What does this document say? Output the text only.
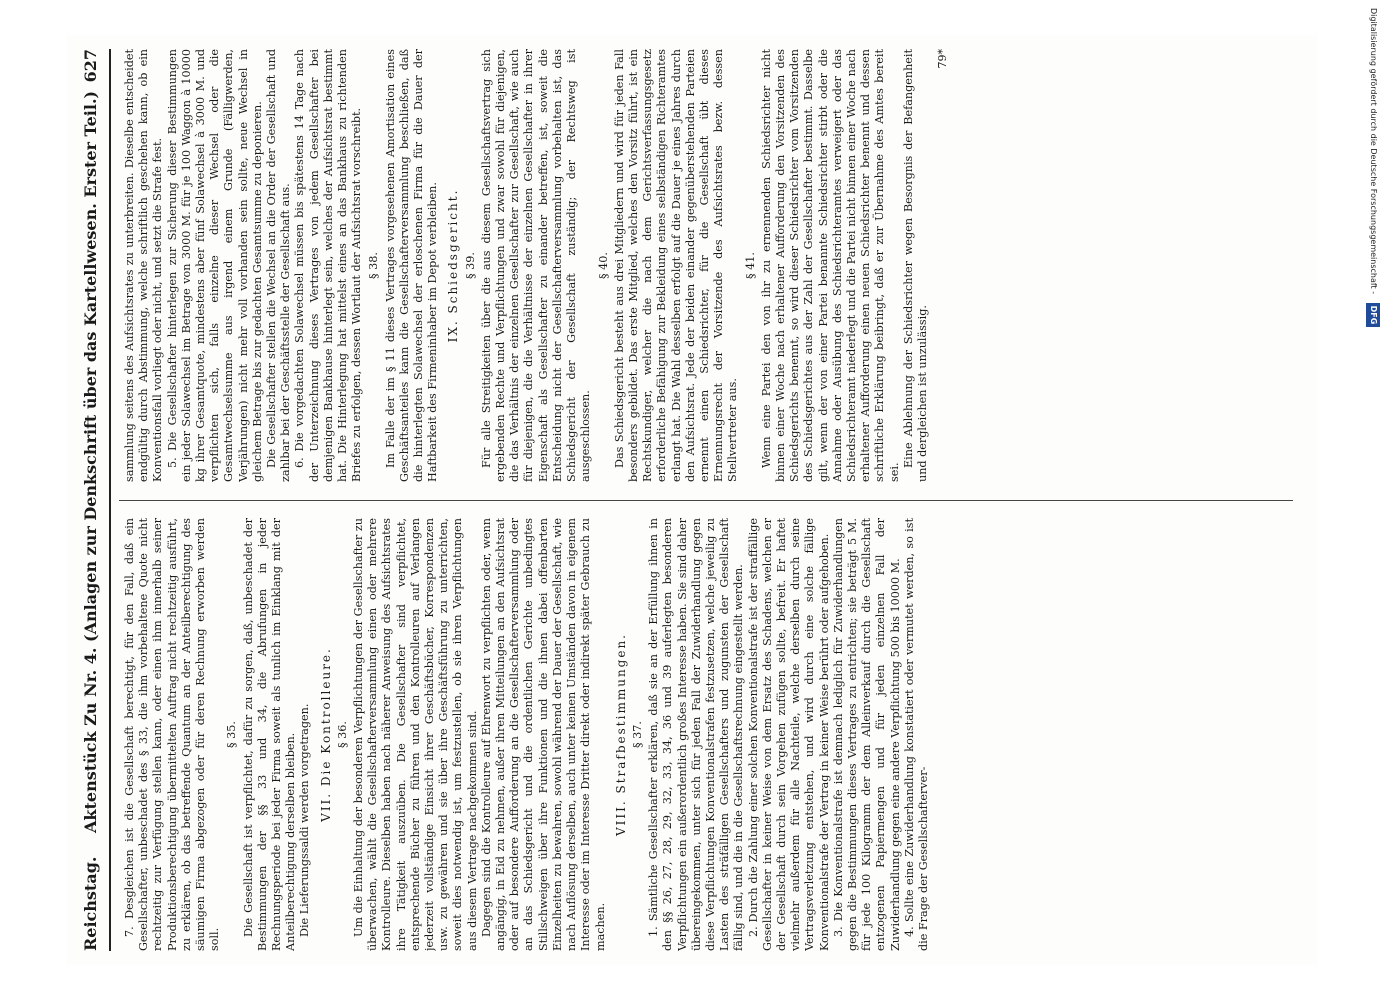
Reichstag.
Aktenstück Zu Nr. 4. (Anlagen zur Denkschrift über das Kartellwesen. Erster Teil.)
627

7. Desgleichen ist die Gesellschaft berechtigt, für den Fall, daß ein Gesellschafter, unbeschadet des § 33, die ihm vorbehaltene Quote nicht rechtzeitig zur Verfügung stellen kann, oder einen ihm innerhalb seiner Produktionsberechtigung übermittelten Auftrag nicht rechtzeitig ausführt, zu erklären, ob das betreffende Quantum an der Anteilberechtigung des säumigen Firma abgezogen oder für deren Rechnung erworben werden soll.

§ 35. Die Gesellschaft ist verpflichtet, dafür zu sorgen, daß, unbeschadet der Bestimmungen der §§ 33 und 34, die Abrufungen in jeder Rechnungsperiode bei jeder Firma soweit als tunlich im Einklang mit der Anteilberechtigung derselben bleiben. Die Lieferungssaldi werden vorgetragen. VII. Die Kontrolleure. § 36. Um die Einhaltung der besonderen Verpflichtungen der Gesellschafter zu überwachen, wählt die Gesellschafterversammlung einen oder mehrere Kontrolleure. Dieselben haben nach näherer Anweisung des Aufsichtsrates ihre Tätigkeit auszuüben. Die Gesellschafter sind verpflichtet, entsprechende Bücher zu führen und den Kontrolleuren auf Verlangen jederzeit vollständige Einsicht ihrer Geschäftsbücher, Korrespondenzen usw. zu gewähren und sie über ihre Geschäftsführung zu unterrichten, soweit dies notwendig ist, um festzustellen, ob sie ihren Verpflichtungen aus diesem Vertrage nachgekommen sind. Dagegen sind die Kontrolleure auf Ehrenwort zu verpflichten oder, wenn angängig, in Eid zu nehmen, außer ihren Mitteilungen an den Aufsichtsrat oder auf besondere Aufforderung an die Gesellschafterversammlung oder an das Schiedsgericht und die ordentlichen Gerichte unbedingtes Stillschweigen über ihre Funktionen und die ihnen dabei offenbarten Einzelheiten zu bewahren, sowohl während der Dauer der Gesellschaft, wie nach Auflösung derselben, auch unter keinen Umständen davon in eigenem Interesse oder im Interesse Dritter direkt oder indirekt später Gebrauch zu machen.

VIII. Strafbestimmungen. § 37. 1. Sämtliche Gesellschafter erklären, daß sie an der Erfüllung ihnen in den §§ 26, 27, 28, 29, 32, 33, 34, 36 und 39 auferlegten besonderen Verpflichtungen ein außerordentlich großes Interesse haben. Sie sind daher übereingekommen, unter sich für jeden Fall der Zuwiderhandlung gegen diese Verpflichtungen Konventionalstrafen festzusetzen, welche jeweilig zu Lasten des sträfälligen Gesellschafters und zugunsten der Gesellschaft fällig sind, und die in die Gesellschaftsrechnung eingestellt werden. 2. Durch die Zahlung einer solchen Konventionalstrafe ist der straffällige Gesellschafter in keiner Weise von dem Ersatz des Schadens, welchen er der Gesellschaft durch sein Vorgehen zufügen sollte, befreit. Er haftet vielmehr außerdem für alle Nachteile, welche derselben durch seine Vertragsverletzung entstehen, und wird durch eine solche fällige Konventionalstrafe der Vertrag in keiner Weise berührt oder aufgehoben. 3. Die Konventionalstrafe ist demnach lediglich für Zuwiderhandlungen gegen die Bestimmungen dieses Vertrages zu entrichten; sie beträgt 5 M. für jede 100 Kilogramm der dem Alleinverkauf durch die Gesellschaft entzogenen Papiermengen und für jeden einzelnen Fall der Zuwiderhandlung gegen eine andere Verpflichtung 500 bis 10000 M. 4. Sollte eine Zuwiderhandlung konstatiert oder vermutet werden, so ist die Frage der Gesellschafterver-

sammlung seitens des Aufsichtsrates zu unterbreiten. Dieselbe entscheidet endgültig durch Abstimmung, welche schriftlich geschehen kann, ob ein Konventionsfall vorliegt oder nicht, und setzt die Strafe fest. 5. Die Gesellschafter hinterlegen zur Sicherung dieser Bestimmungen ein jeder Solawechsel im Betrage von 3000 M. für je 100 Waggon à 10000 kg ihrer Gesamtquote, mindestens aber fünf Solawechsel à 3000 M. und verpflichten sich, falls einzelne dieser Wechsel oder die Gesamtwechselsumme aus irgend einem Grunde (Fälligwerden, Verjährungen) nicht mehr voll vorhanden sein sollte, neue Wechsel in gleichem Betrage bis zur gedachten Gesamtsumme zu deponieren. Die Gesellschafter stellen die Wechsel an die Order der Gesellschaft und zahlbar bei der Geschäftsstelle der Gesellschaft aus. 6. Die vorgedachten Solawechsel müssen bis spätestens 14 Tage nach der Unterzeichnung dieses Vertrages von jedem Gesellschafter bei demjenigen Bankhause hinterlegt sein, welches der Aufsichtsrat bestimmt hat. Die Hinterlegung hat mittelst eines an das Bankhaus zu richtenden Briefes zu erfolgen, dessen Wortlaut der Aufsichtsrat vorschreibt. § 38. Im Falle der im § 11 dieses Vertrages vorgesehenen Amortisation eines Geschäftsanteiles kann die Gesellschafterversammlung beschließen, daß die hinterlegten Solawechsel der erloschenen Firma für die Dauer der Haftbarkeit des Firmeninhaber im Depot verbleiben. IX. Schiedsgericht. § 39. Für alle Streitigkeiten über die aus diesem Gesellschaftsvertrag sich ergebenden Rechte und Verpflichtungen und zwar sowohl für diejenigen, die das Verhältnis der einzelnen Gesellschafter zur Gesellschaft, wie auch für diejenigen, die die Verhältnisse der einzelnen Gesellschafter in ihrer Eigenschaft als Gesellschafter zu einander betreffen, ist, soweit die Entscheidung nicht der Gesellschafterversammlung vorbehalten ist, das Schiedsgericht der Gesellschaft zuständig; der Rechtsweg ist ausgeschlossen.

§ 40. Das Schiedsgericht besteht aus drei Mitgliedern und wird für jeden Fall besonders gebildet. Das erste Mitglied, welches den Vorsitz führt, ist ein Rechtskundiger, welcher die nach dem Gerichtsverfassungsgesetz erforderliche Befähigung zur Bekleidung eines selbständigen Richteramtes erlangt hat. Die Wahl desselben erfolgt auf die Dauer je eines Jahres durch den Aufsichtsrat. Jede der beiden einander gegenüberstehenden Parteien ernennt einen Schiedsrichter, für die Gesellschaft übt dieses Ernennungsrecht der Vorsitzende des Aufsichtsrates bezw. dessen Stellvertreter aus.

§ 41. Wenn eine Partei den von ihr zu ernennenden Schiedsrichter nicht binnen einer Woche nach erhaltener Aufforderung den Vorsitzenden des Schiedsgerichts benennt, so wird dieser Schiedsrichter vom Vorsitzenden des Schiedsgerichtes aus der Zahl der Gesellschafter bestimmt. Dasselbe gilt, wenn der von einer Partei benannte Schiedsrichter stirbt oder die Annahme oder Ausübung des Schiedsrichteramtes verweigert oder das Schiedsrichteramt niederlegt und die Partei nicht binnen einer Woche nach erhaltener Aufforderung einen neuen Schiedsrichter benennt und dessen schriftliche Erklärung beibringt, daß er zur Übernahme des Amtes bereit sei.

Eine Ablehnung der Schiedsrichter wegen Besorgnis der Befangenheit und dergleichen ist unzulässig.

79*	Digitalisierung gefördert durch die Deutsche Forschungsgemeinschaft - DFG
